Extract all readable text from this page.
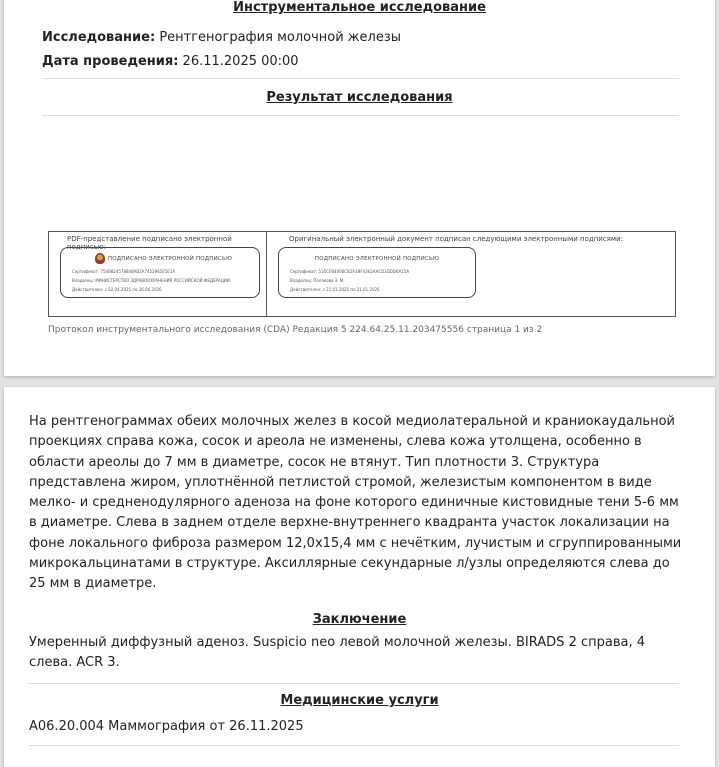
Инструментальное исследование
Исследование: Рентгенография молочной железы
Дата проведения: 26.11.2025 00:00
Результат исследования
PDF-представление подписано электронной подписью:
ПОДПИСАНО ЭЛЕКТРОННОЙ ПОДПИСЬЮ
Сертификат: 7548824578848AB2A7452965E5E1A
Владелец: МИНИСТЕРСТВО ЗДРАВООХРАНЕНИЯ РОССИЙСКОЙ ФЕДЕРАЦИИ
Действителен: с 02.04.2025 по 26.06.2026
Оригинальный электронный документ подписан следующими электронными подписями:
ПОДПИСАНО ЭЛЕКТРОННОЙ ПОДПИСЬЮ
Сертификат: 535CFB4006CB2A3BF4362AACD3DDD6A15A
Владелец: Полякова З. М.
Действителен: с 21.01.2025 по 21.01.2026
Протокол инструментального исследования (CDA) Редакция 5 224.64.25.11.203475556 страница 1 из 2
На рентгенограммах обеих молочных желез в косой медиолатеральной и краниокаудальной проекциях справа кожа, сосок и ареола не изменены, слева кожа утолщена, особенно в области ареолы до 7 мм в диаметре, сосок не втянут. Тип плотности 3. Структура представлена жиром, уплотнённой петлистой стромой, железистым компонентом в виде мелко- и средненодулярного аденоза на фоне которого единичные кистовидные тени 5-6 мм в диаметре. Слева в заднем отделе верхне-внутреннего квадранта участок локализации на фоне локального фиброза размером 12,0х15,4 мм с нечётким, лучистым и сгруппированными микрокальцинатами в структуре. Аксиллярные секундарные л/узлы определяются слева до 25 мм в диаметре.
Заключение
Умеренный диффузный аденоз. Suspicio neo левой молочной железы. BIRADS 2 справа, 4 слева. ACR 3.
Медицинские услуги
A06.20.004 Маммография от 26.11.2025
